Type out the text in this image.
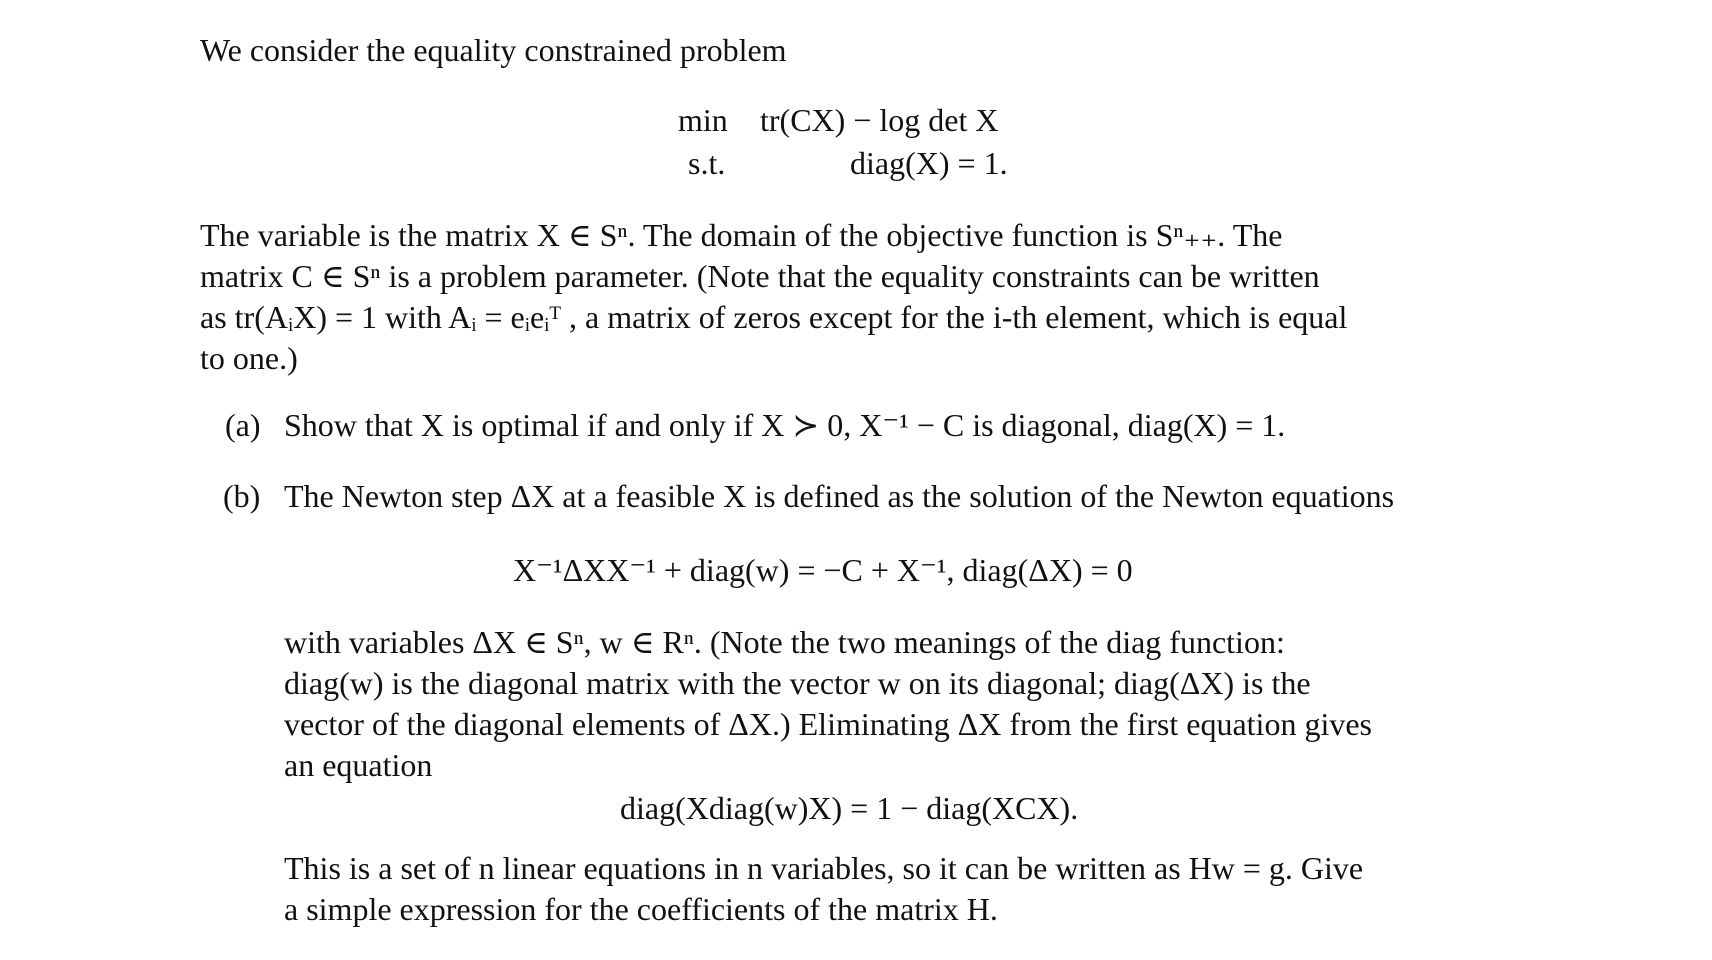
We consider the equality constrained problem
min tr(CX) − log det X
s.t.	diag(X) = 1.
The variable is the matrix X ∈ Sⁿ. The domain of the objective function is Sⁿ₊₊. The
matrix C ∈ Sⁿ is a problem parameter. (Note that the equality constraints can be written
as tr(AᵢX) = 1 with Aᵢ = eᵢeᵢᵀ , a matrix of zeros except for the i-th element, which is equal
to one.)
(a) Show that X is optimal if and only if X ≻ 0, X⁻¹ − C is diagonal, diag(X) = 1.
(b) The Newton step ΔX at a feasible X is defined as the solution of the Newton equations
X⁻¹ΔXX⁻¹ + diag(w) = −C + X⁻¹, diag(ΔX) = 0
with variables ΔX ∈ Sⁿ, w ∈ Rⁿ. (Note the two meanings of the diag function:
diag(w) is the diagonal matrix with the vector w on its diagonal; diag(ΔX) is the
vector of the diagonal elements of ΔX.) Eliminating ΔX from the first equation gives
an equation
diag(Xdiag(w)X) = 1 − diag(XCX).
This is a set of n linear equations in n variables, so it can be written as Hw = g. Give
a simple expression for the coefficients of the matrix H.
